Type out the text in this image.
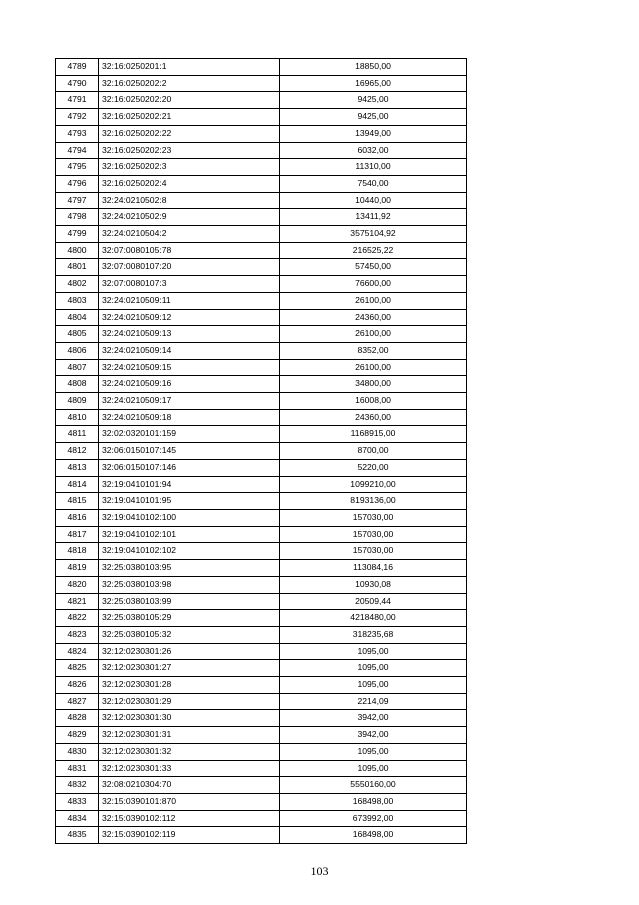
4789	32:16:0250201:1	18850,00
4790	32:16:0250202:2	16965,00
4791	32:16:0250202:20	9425,00
4792	32:16:0250202:21	9425,00
4793	32:16:0250202:22	13949,00
4794	32:16:0250202:23	6032,00
4795	32:16:0250202:3	11310,00
4796	32:16:0250202:4	7540,00
4797	32:24:0210502:8	10440,00
4798	32:24:0210502:9	13411,92
4799	32:24:0210504:2	3575104,92
4800	32:07:0080105:78	216525,22
4801	32:07:0080107:20	57450,00
4802	32:07:0080107:3	76600,00
4803	32:24:0210509:11	26100,00
4804	32:24:0210509:12	24360,00
4805	32:24:0210509:13	26100,00
4806	32:24:0210509:14	8352,00
4807	32:24:0210509:15	26100,00
4808	32:24:0210509:16	34800,00
4809	32:24:0210509:17	16008,00
4810	32:24:0210509:18	24360,00
4811	32:02:0320101:159	1168915,00
4812	32:06:0150107:145	8700,00
4813	32:06:0150107:146	5220,00
4814	32:19:0410101:94	1099210,00
4815	32:19:0410101:95	8193136,00
4816	32:19:0410102:100	157030,00
4817	32:19:0410102:101	157030,00
4818	32:19:0410102:102	157030,00
4819	32:25:0380103:95	113084,16
4820	32:25:0380103:98	10930,08
4821	32:25:0380103:99	20509,44
4822	32:25:0380105:29	4218480,00
4823	32:25:0380105:32	318235,68
4824	32:12:0230301:26	1095,00
4825	32:12:0230301:27	1095,00
4826	32:12:0230301:28	1095,00
4827	32:12:0230301:29	2214,09
4828	32:12:0230301:30	3942,00
4829	32:12:0230301:31	3942,00
4830	32:12:0230301:32	1095,00
4831	32:12:0230301:33	1095,00
4832	32:08:0210304:70	5550160,00
4833	32:15:0390101:870	168498,00
4834	32:15:0390102:112	673992,00
4835	32:15:0390102:119	168498,00
103
